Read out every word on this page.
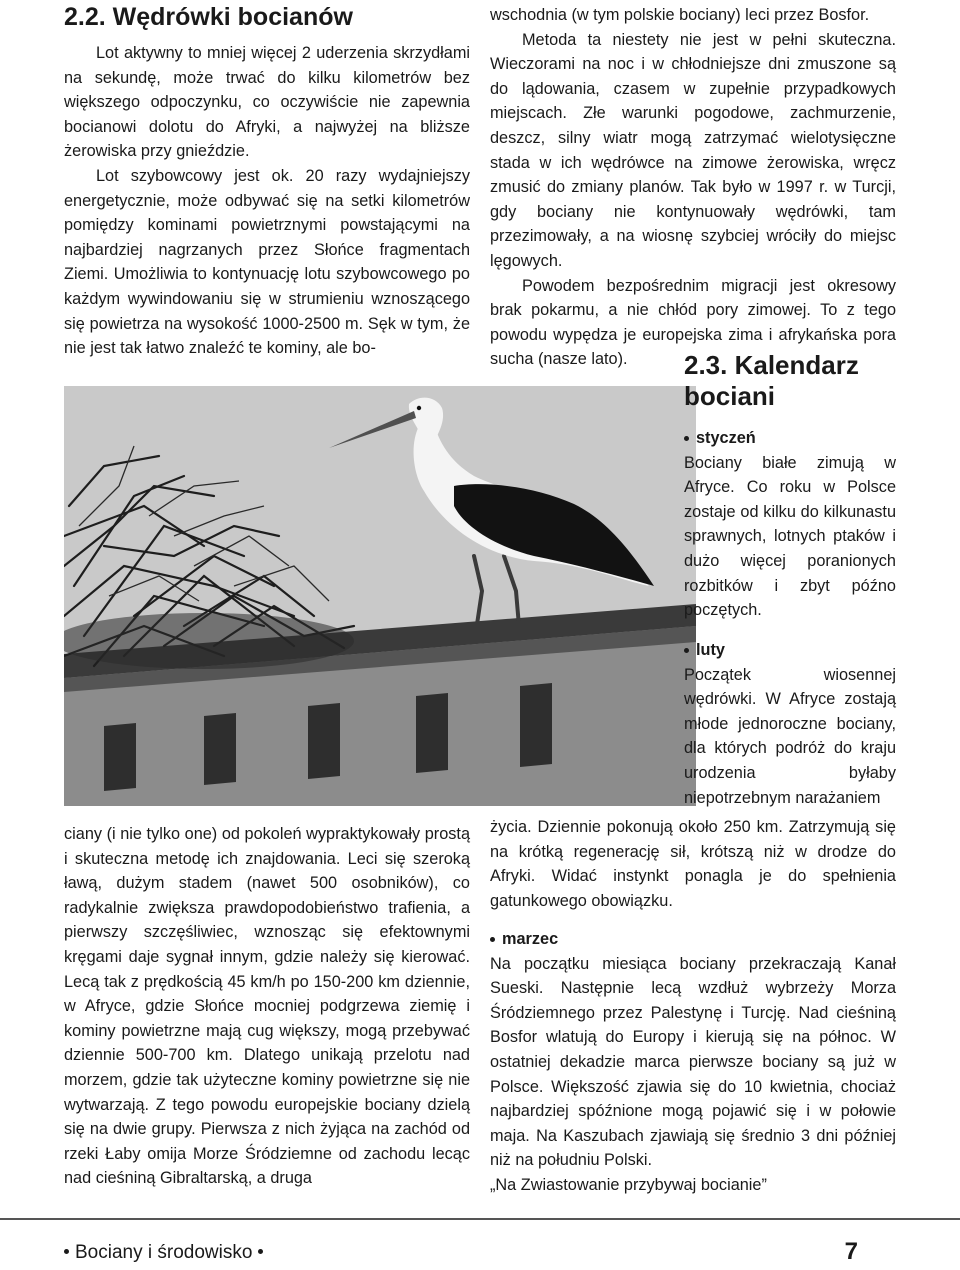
2.2. Wędrówki bocianów

Lot aktywny to mniej więcej 2 uderzenia skrzydłami na sekundę, może trwać do kilku kilometrów bez większego odpoczynku, co oczywiście nie zapewnia bocianowi dolotu do Afryki, a najwyżej na bliższe żerowiska przy gnieździe.

Lot szybowcowy jest ok. 20 razy wydajniejszy energetycznie, może odbywać się na setki kilometrów pomiędzy kominami powietrznymi powstającymi na najbardziej nagrzanych przez Słońce fragmentach Ziemi. Umożliwia to kontynuację lotu szybowcowego po każdym wywindowaniu się w strumieniu wznoszącego się powietrza na wysokość 1000-2500 m. Sęk w tym, że nie jest tak łatwo znaleźć te kominy, ale bo-

ciany (i nie tylko one) od pokoleń wypraktykowały prostą i skuteczna metodę ich znajdowania. Leci się szeroką ławą, dużym stadem (nawet 500 osobników), co radykalnie zwiększa prawdopodobieństwo trafienia, a pierwszy szczęśliwiec, wznosząc się efektownymi kręgami daje sygnał innym, gdzie należy się kierować. Lecą tak z prędkością 45 km/h po 150-200 km dziennie, w Afryce, gdzie Słońce mocniej podgrzewa ziemię i kominy powietrzne mają cug większy, mogą przebywać dziennie 500-700 km. Dlatego unikają przelotu nad morzem, gdzie tak użyteczne kominy powietrzne się nie wytwarzają. Z tego powodu europejskie bociany dzielą się na dwie grupy. Pierwsza z nich żyjąca na zachód od rzeki Łaby omija Morze Śródziemne od zachodu lecąc nad cieśniną Gibraltarską, a druga

wschodnia (w tym polskie bociany) leci przez Bosfor.

Metoda ta niestety nie jest w pełni skuteczna. Wieczorami na noc i w chłodniejsze dni zmuszone są do lądowania, czasem w zupełnie przypadkowych miejscach. Złe warunki pogodowe, zachmurzenie, deszcz, silny wiatr mogą zatrzymać wielotysięczne stada w ich wędrówce na zimowe żerowiska, wręcz zmusić do zmiany planów. Tak było w 1997 r. w Turcji, gdy bociany nie kontynuowały wędrówki, tam przezimowały, a na wiosnę szybciej wróciły do miejsc lęgowych.

Powodem bezpośrednim migracji jest okresowy brak pokarmu, a nie chłód pory zimowej. To z tego powodu wypędza je europejska zima i afrykańska pora sucha (nasze lato).	2.3. Kalendarz
bociani
styczeń

Bociany białe zimują w Afryce. Co roku w Polsce zostaje od kilku do kilkunastu sprawnych, lotnych ptaków i dużo więcej poranionych rozbitków i zbyt późno poczętych.

luty

Początek wiosennej wędrówki. W Afryce zostają młode jednoroczne bociany, dla których podróż do kraju urodzenia byłaby niepotrzebnym narażaniem

życia. Dziennie pokonują około 250 km. Zatrzymują się na krótką regenerację sił, krótszą niż w drodze do Afryki. Widać instynkt ponagla je do spełnienia gatunkowego obowiązku.

marzec

Na początku miesiąca bociany przekraczają Kanał Sueski. Następnie lecą wzdłuż wybrzeży Morza Śródziemnego przez Palestynę i Turcję. Nad cieśniną Bosfor wlatują do Europy i kierują się na północ. W ostatniej dekadzie marca pierwsze bociany są już w Polsce. Większość zjawia się do 10 kwietnia, chociaż najbardziej spóźnione mogą pojawić się i w połowie maja. Na Kaszubach zjawiają się średnio 3 dni później niż na południu Polski.

„Na Zwiastowanie przybywaj bocianie”

Bociany i środowisko	7
